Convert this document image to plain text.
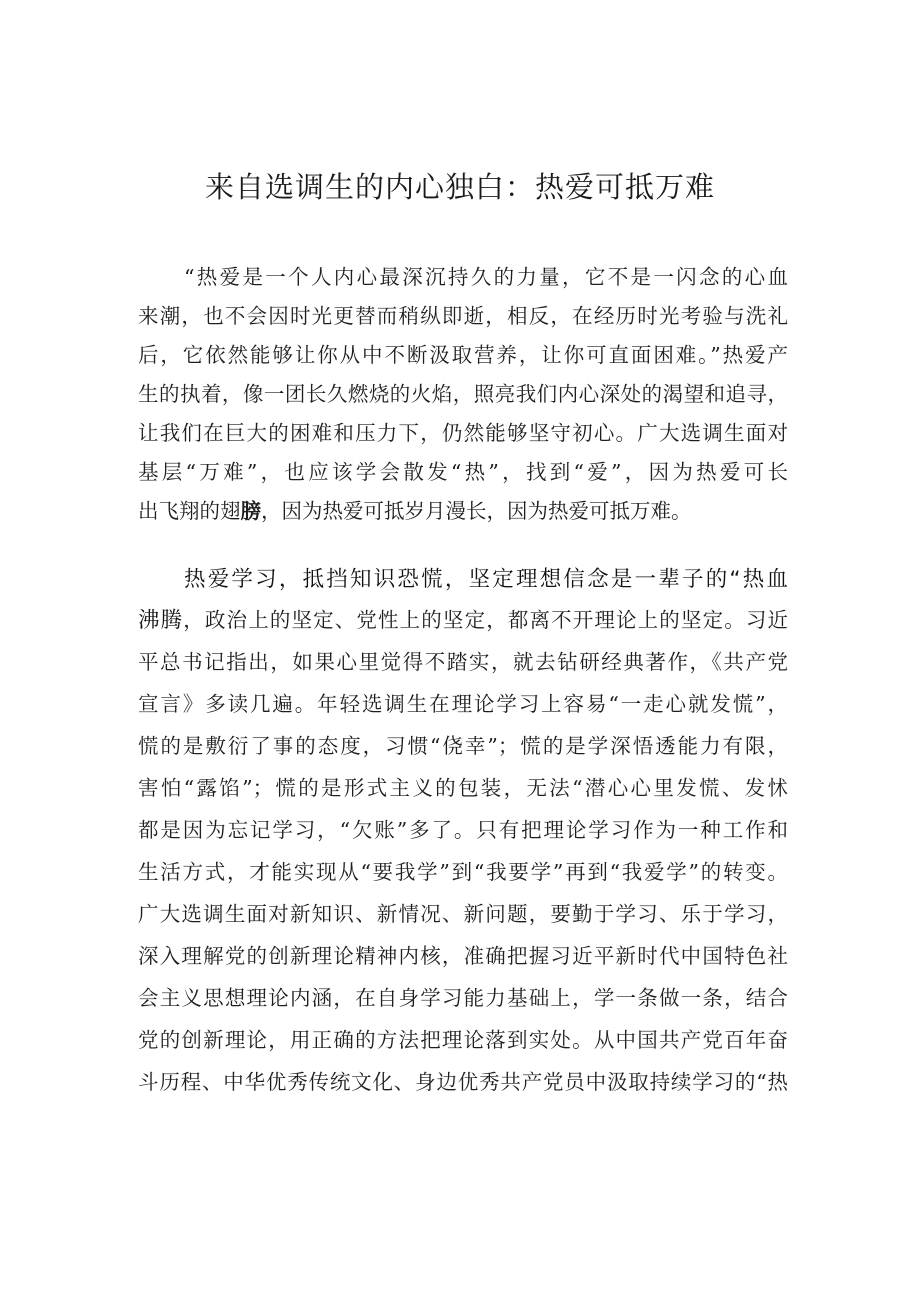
来自选调生的内心独白：热爱可抵万难
“热爱是一个人内心最深沉持久的力量，它不是一闪念的心血
来潮，也不会因时光更替而稍纵即逝，相反，在经历时光考验与洗礼
后，它依然能够让你从中不断汲取营养，让你可直面困难。”热爱产
生的执着，像一团长久燃烧的火焰，照亮我们内心深处的渴望和追寻，
让我们在巨大的困难和压力下，仍然能够坚守初心。广大选调生面对
基层“万难”，也应该学会散发“热”，找到“爱”，因为热爱可长
出飞翔的翅膀，因为热爱可抵岁月漫长，因为热爱可抵万难。
热爱学习，抵挡知识恐慌，坚定理想信念是一辈子的“热血
沸腾，政治上的坚定、党性上的坚定，都离不开理论上的坚定。习近
平总书记指出，如果心里觉得不踏实，就去钻研经典著作，《共产党
宣言》多读几遍。年轻选调生在理论学习上容易“一走心就发慌”，
慌的是敷衍了事的态度，习惯“侥幸”；慌的是学深悟透能力有限，
害怕“露馅”；慌的是形式主义的包装，无法“潜心心里发慌、发怵
都是因为忘记学习，“欠账”多了。只有把理论学习作为一种工作和
生活方式，才能实现从“要我学”到“我要学”再到“我爱学”的转变。
广大选调生面对新知识、新情况、新问题，要勤于学习、乐于学习，
深入理解党的创新理论精神内核，准确把握习近平新时代中国特色社
会主义思想理论内涵，在自身学习能力基础上，学一条做一条，结合
党的创新理论，用正确的方法把理论落到实处。从中国共产党百年奋
斗历程、中华优秀传统文化、身边优秀共产党员中汲取持续学习的“热
